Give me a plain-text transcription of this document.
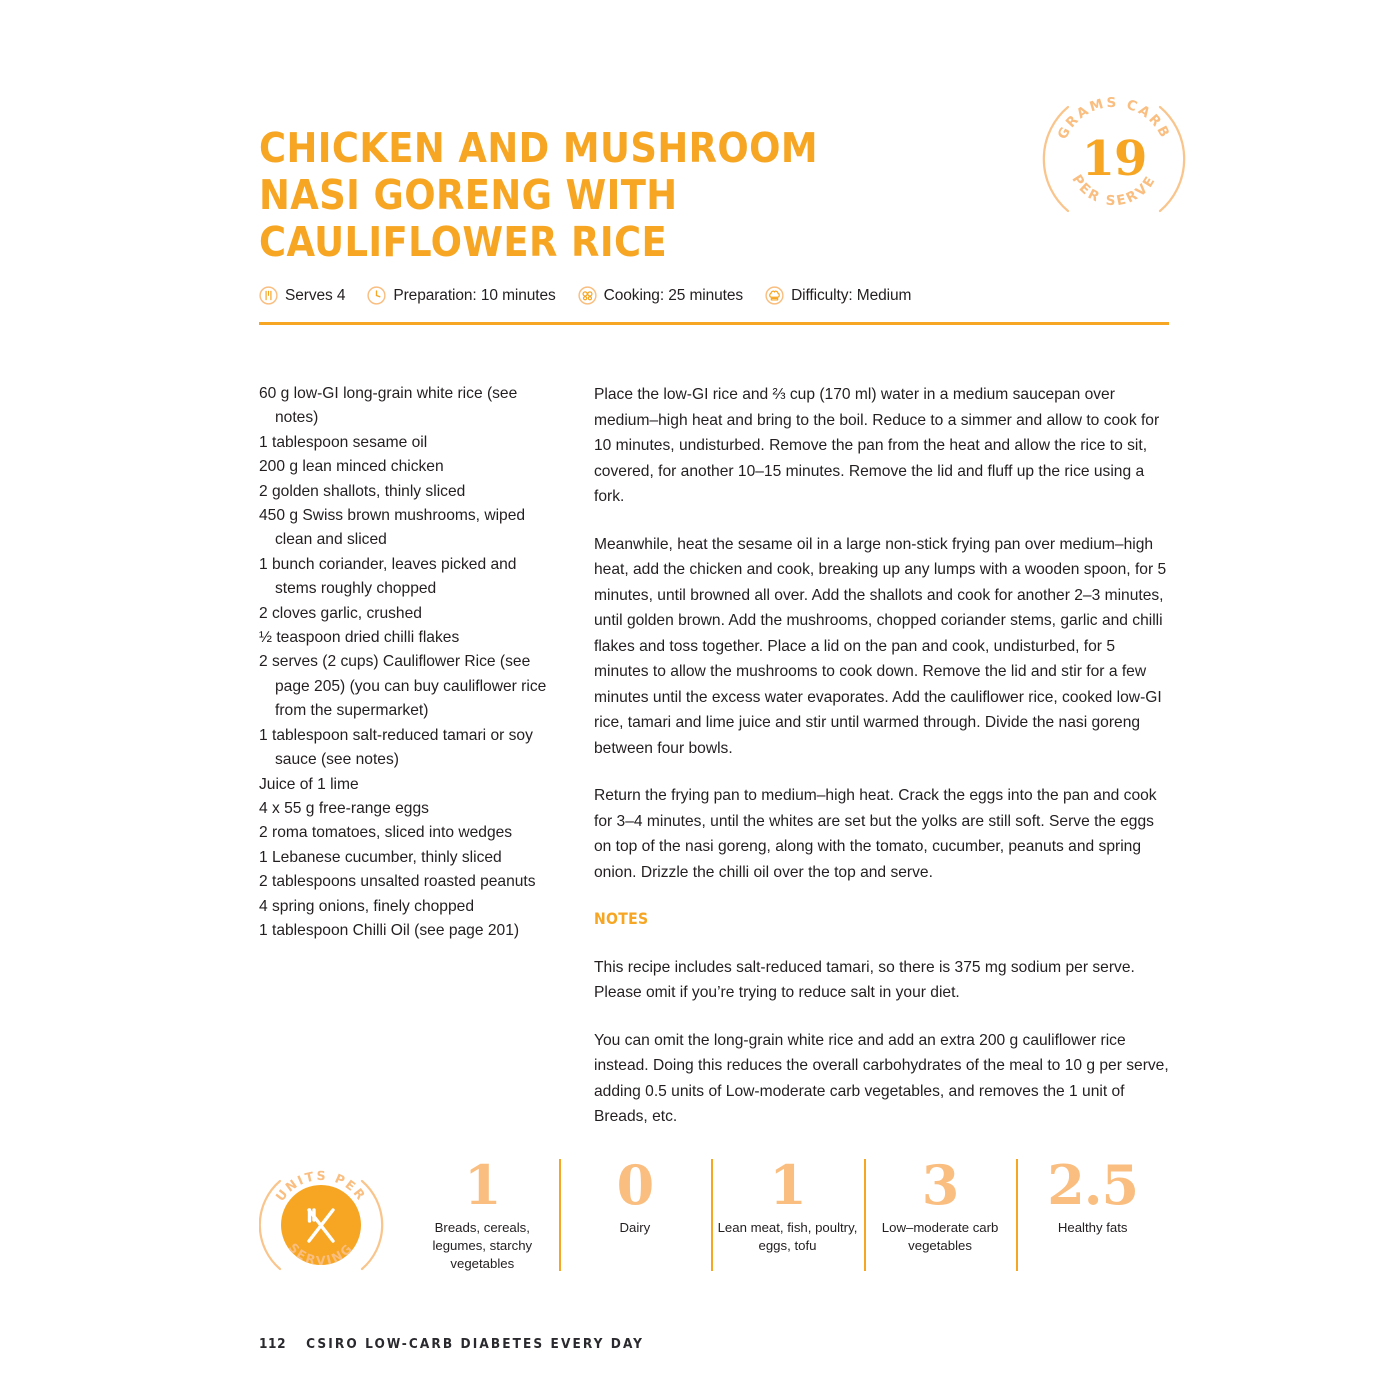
CHICKEN AND MUSHROOM
NASI GORENG WITH
CAULIFLOWER RICE
GRAMS CARB
PER SERVE
19
Serves 4	Preparation: 10 minutes	Cooking: 25 minutes	Difficulty: Medium
60 g low-GI long-grain white rice (see notes)
1 tablespoon sesame oil
200 g lean minced chicken
2 golden shallots, thinly sliced
450 g Swiss brown mushrooms, wiped clean and sliced
1 bunch coriander, leaves picked and stems roughly chopped
2 cloves garlic, crushed
½ teaspoon dried chilli flakes
2 serves (2 cups) Cauliflower Rice (see page 205) (you can buy cauliflower rice from the supermarket)
1 tablespoon salt-reduced tamari or soy sauce (see notes)
Juice of 1 lime
4 x 55 g free-range eggs
2 roma tomatoes, sliced into wedges
1 Lebanese cucumber, thinly sliced
2 tablespoons unsalted roasted peanuts
4 spring onions, finely chopped
1 tablespoon Chilli Oil (see page 201)

Place the low-GI rice and ⅔ cup (170 ml) water in a medium saucepan over medium–high heat and bring to the boil. Reduce to a simmer and allow to cook for 10 minutes, undisturbed. Remove the pan from the heat and allow the rice to sit, covered, for another 10–15 minutes. Remove the lid and fluff up the rice using a fork.

Meanwhile, heat the sesame oil in a large non-stick frying pan over medium–high heat, add the chicken and cook, breaking up any lumps with a wooden spoon, for 5 minutes, until browned all over. Add the shallots and cook for another 2–3 minutes, until golden brown. Add the mushrooms, chopped coriander stems, garlic and chilli flakes and toss together. Place a lid on the pan and cook, undisturbed, for 5 minutes to allow the mushrooms to cook down. Remove the lid and stir for a few minutes until the excess water evaporates. Add the cauliflower rice, cooked low-GI rice, tamari and lime juice and stir until warmed through. Divide the nasi goreng between four bowls.

Return the frying pan to medium–high heat. Crack the eggs into the pan and cook for 3–4 minutes, until the whites are set but the yolks are still soft. Serve the eggs on top of the nasi goreng, along with the tomato, cucumber, peanuts and spring onion. Drizzle the chilli oil over the top and serve.

NOTES

This recipe includes salt-reduced tamari, so there is 375 mg sodium per serve. Please omit if you’re trying to reduce salt in your diet.

You can omit the long-grain white rice and add an extra 200 g cauliflower rice instead. Doing this reduces the overall carbohydrates of the meal to 10 g per serve, adding 0.5 units of Low-moderate carb vegetables, and removes the 1 unit of Breads, etc.

UNITS PER
SERVING
1
Breads, cereals, legumes, starchy vegetables
0
Dairy
1
Lean meat, fish, poultry, eggs, tofu
3
Low–moderate carb vegetables
2.5
Healthy fats
112 CSIRO LOW-CARB DIABETES EVERY DAY
